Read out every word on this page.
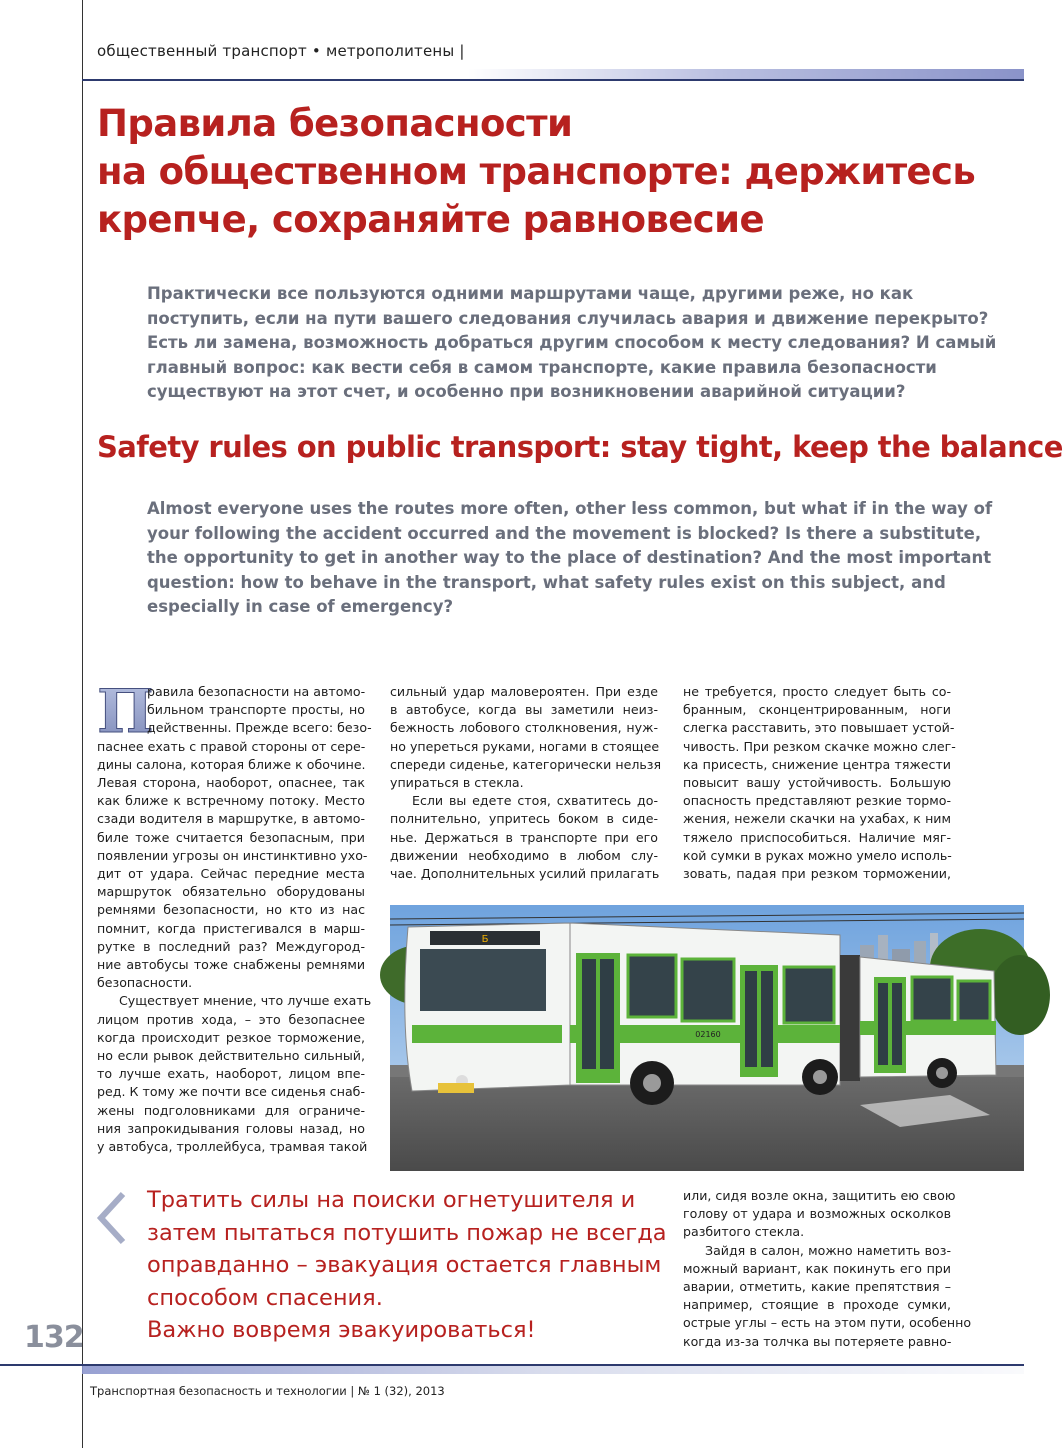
общественный транспорт • метрополитены |
Правила безопасности
на общественном транспорте: держитесь
крепче, сохраняйте равновесие
Практически все пользуются одними маршрутами чаще, другими реже, но как
поступить, если на пути вашего следования случилась авария и движение перекрыто?
Есть ли замена, возможность добраться другим способом к месту следования? И самый
главный вопрос: как вести себя в самом транспорте, какие правила безопасности
существуют на этот счет, и особенно при возникновении аварийной ситуации?
Safety rules on public transport: stay tight, keep the balance
Almost everyone uses the routes more often, other less common, but what if in the way of
your following the accident occurred and the movement is blocked? Is there a substitute,
the opportunity to get in another way to the place of destination? And the most important
question: how to behave in the transport, what safety rules exist on this subject, and
especially in case of emergency?
П

равила безопасности на автомо-
бильном транспорте просты, но
действенны. Прежде всего: безо-

паснее ехать с правой стороны от сере-
дины салона, которая ближе к обочине.
Левая сторона, наоборот, опаснее, так
как ближе к встречному потоку. Место
сзади водителя в маршрутке, в автомо-
биле тоже считается безопасным, при
появлении угрозы он инстинктивно ухо-
дит от удара. Сейчас передние места
маршруток обязательно оборудованы
ремнями безопасности, но кто из нас
помнит, когда пристегивался в марш-
рутке в последний раз? Междугород-
ние автобусы тоже снабжены ремнями
безопасности.

Существует мнение, что лучше ехать
лицом против хода, – это безопаснее
когда происходит резкое торможение,
но если рывок действительно сильный,
то лучше ехать, наоборот, лицом впе-
ред. К тому же почти все сиденья снаб-
жены подголовниками для ограниче-
ния запрокидывания головы назад, но
у автобуса, троллейбуса, трамвая такой

сильный удар маловероятен. При езде
в автобусе, когда вы заметили неиз-
бежность лобового столкновения, нуж-
но упереться руками, ногами в стоящее
спереди сиденье, категорически нельзя
упираться в стекла.

Если вы едете стоя, схватитесь до-
полнительно, упритесь боком в сиде-
нье. Держаться в транспорте при его
движении необходимо в любом слу-
чае. Дополнительных усилий прилагать

не требуется, просто следует быть со-
бранным, сконцентрированным, ноги
слегка расставить, это повышает устой-
чивость. При резком скачке можно слег-
ка присесть, снижение центра тяжести
повысит вашу устойчивость. Большую
опасность представляют резкие тормо-
жения, нежели скачки на ухабах, к ним
тяжело приспособиться. Наличие мяг-
кой сумки в руках можно умело исполь-
зовать, падая при резком торможении,

Б
02160
Тратить силы на поиски огнетушителя и
затем пытаться потушить пожар не всегда
оправданно – эвакуация остается главным
способом спасения.
Важно вовремя эвакуироваться!

или, сидя возле окна, защитить ею свою
голову от удара и возможных осколков
разбитого стекла.

Зайдя в салон, можно наметить воз-
можный вариант, как покинуть его при
аварии, отметить, какие препятствия –
например, стоящие в проходе сумки,
острые углы – есть на этом пути, особенно
когда из-за толчка вы потеряете равно-

132
Транспортная безопасность и технологии | № 1 (32), 2013
